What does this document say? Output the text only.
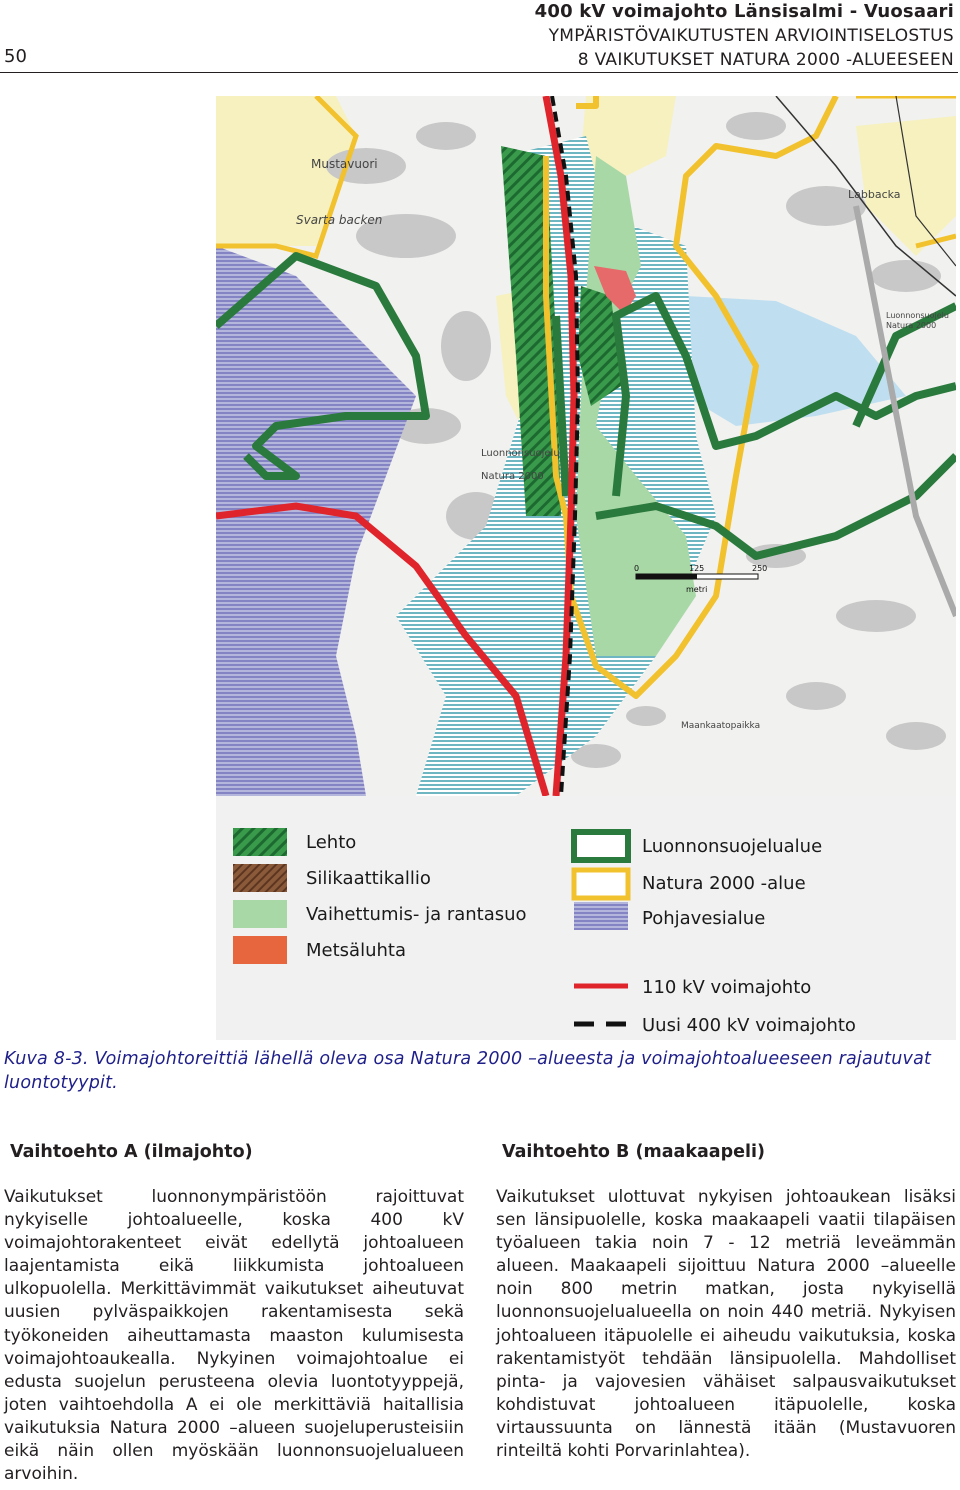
400 kV voimajohto Länsisalmi - Vuosaari
YMPÄRISTÖVAIKUTUSTEN ARVIOINTISELOSTUS
8 VAIKUTUKSET NATURA 2000 -ALUEESEEN
50
Mustavuori
Svarta backen
Labbacka
Luonnonsuojelu
Natura 2000
Luonnonsuojelu
Natura 2000
Maankaatopaikka
0	125	250
metri
Lehto
Silikaattikallio
Vaihettumis- ja rantasuo
Metsäluhta
Luonnonsuojelualue
Natura 2000 -alue
Pohjavesialue
110 kV voimajohto
Uusi 400 kV voimajohto
Kuva 8-3. Voimajohtoreittiä lähellä oleva osa Natura 2000 –alueesta ja voimajohtoalueeseen rajautuvat luontotyypit.
Vaihtoehto A (ilmajohto)

Vaikutukset luonnonympäristöön rajoittuvat nykyiselle johtoalueelle, koska 400 kV voimajohtorakenteet eivät edellytä johtoalueen laajentamista eikä liikkumista johtoalueen ulkopuolella. Merkittävimmät vaikutukset aiheutuvat uusien pylväspaikkojen rakentamisesta sekä työkoneiden aiheuttamasta maaston kulumisesta voimajohtoaukealla. Nykyinen voimajohtoalue ei edusta suojelun perusteena olevia luontotyyppejä, joten vaihtoehdolla A ei ole merkittäviä haitallisia vaikutuksia Natura 2000 –alueen suojeluperusteisiin eikä näin ollen myöskään luonnonsuojelualueen arvoihin.

Vaihtoehto B (maakaapeli)

Vaikutukset ulottuvat nykyisen johtoaukean lisäksi sen länsipuolelle, koska maakaapeli vaatii tilapäisen työalueen takia noin 7 - 12 metriä leveämmän alueen. Maakaapeli sijoittuu Natura 2000 –alueelle noin 800 metrin matkan, josta nykyisellä luonnonsuojelualueella on noin 440 metriä. Nykyisen johtoalueen itäpuolelle ei aiheudu vaikutuksia, koska rakentamistyöt tehdään länsipuolella. Mahdolliset pinta- ja vajovesien vähäiset salpausvaikutukset kohdistuvat johtoalueen itäpuolelle, koska virtaussuunta on lännestä itään (Mustavuoren rinteiltä kohti Porvarinlahtea).
